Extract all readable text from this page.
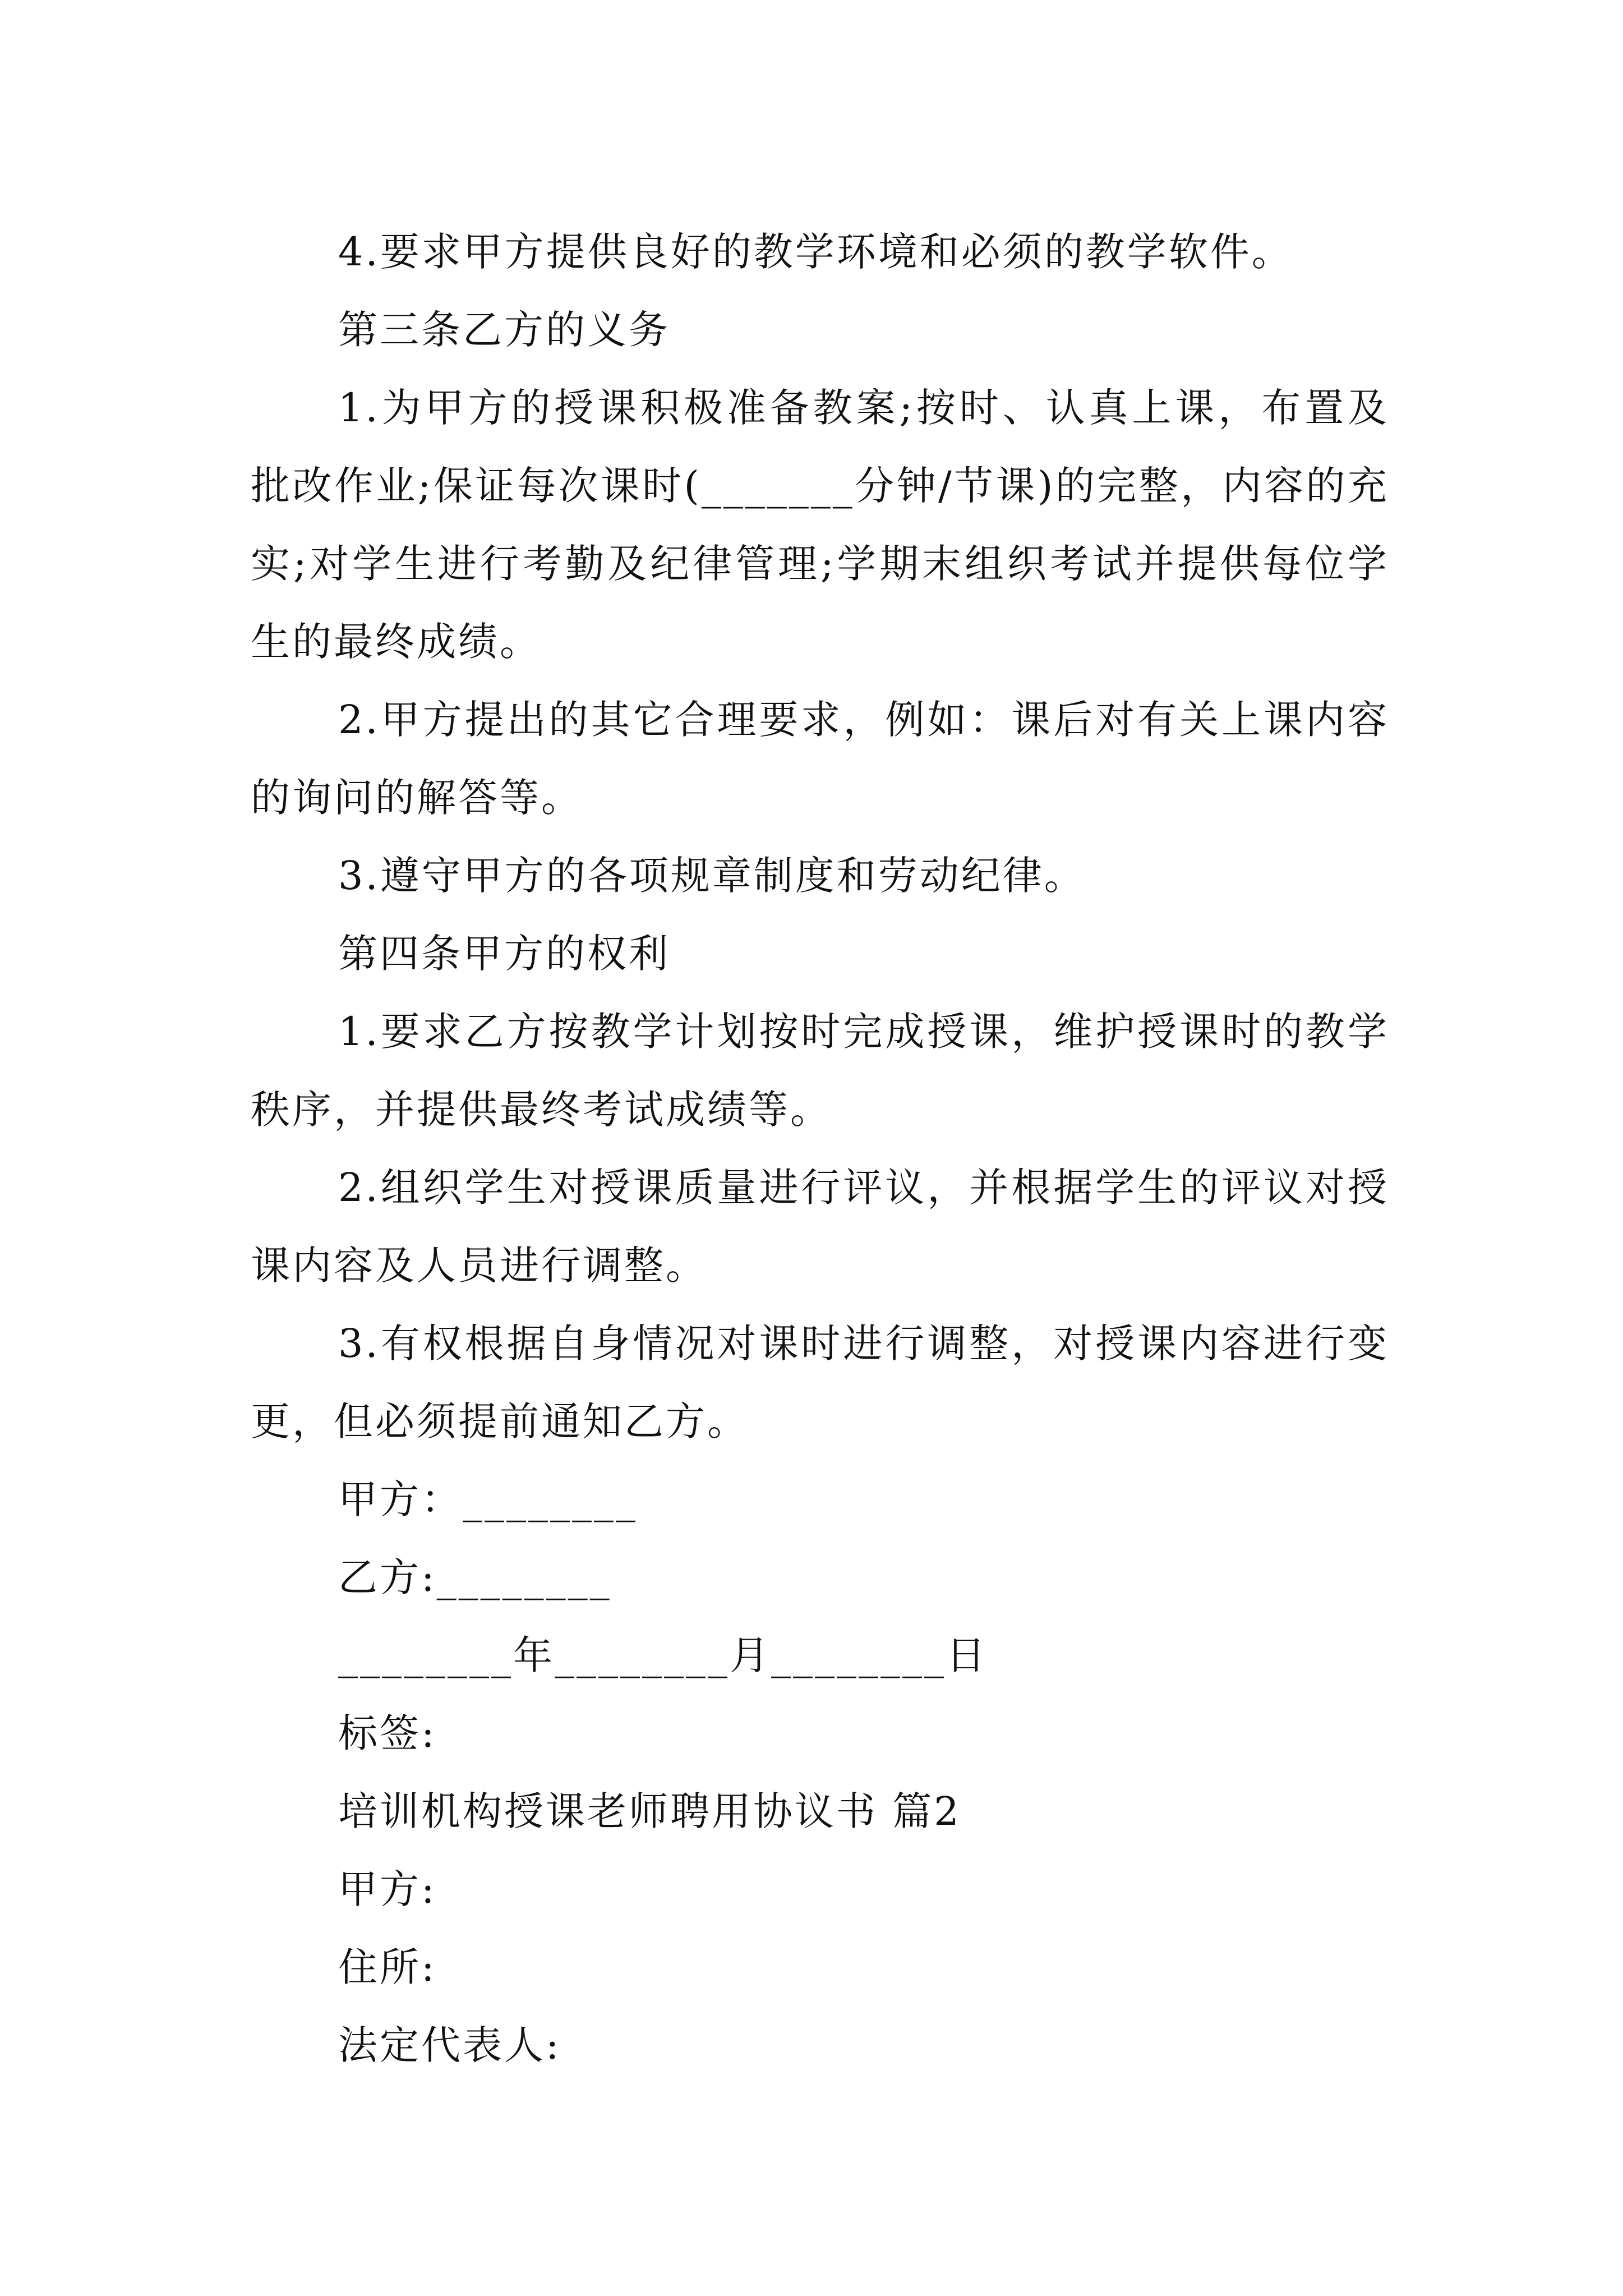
4.要求甲方提供良好的教学环境和必须的教学软件。

第三条乙方的义务

1.为甲方的授课积极准备教案;按时、认真上课，布置及批改作业;保证每次课时(_______分钟/节课)的完整，内容的充实;对学生进行考勤及纪律管理;学期末组织考试并提供每位学生的最终成绩。

2.甲方提出的其它合理要求，例如：课后对有关上课内容的询问的解答等。

3.遵守甲方的各项规章制度和劳动纪律。

第四条甲方的权利

1.要求乙方按教学计划按时完成授课，维护授课时的教学秩序，并提供最终考试成绩等。

2.组织学生对授课质量进行评议，并根据学生的评议对授课内容及人员进行调整。

3.有权根据自身情况对课时进行调整，对授课内容进行变更，但必须提前通知乙方。

甲方：________

乙方:________

________年________月________日

标签:

培训机构授课老师聘用协议书 篇2

甲方:

住所:

法定代表人:
